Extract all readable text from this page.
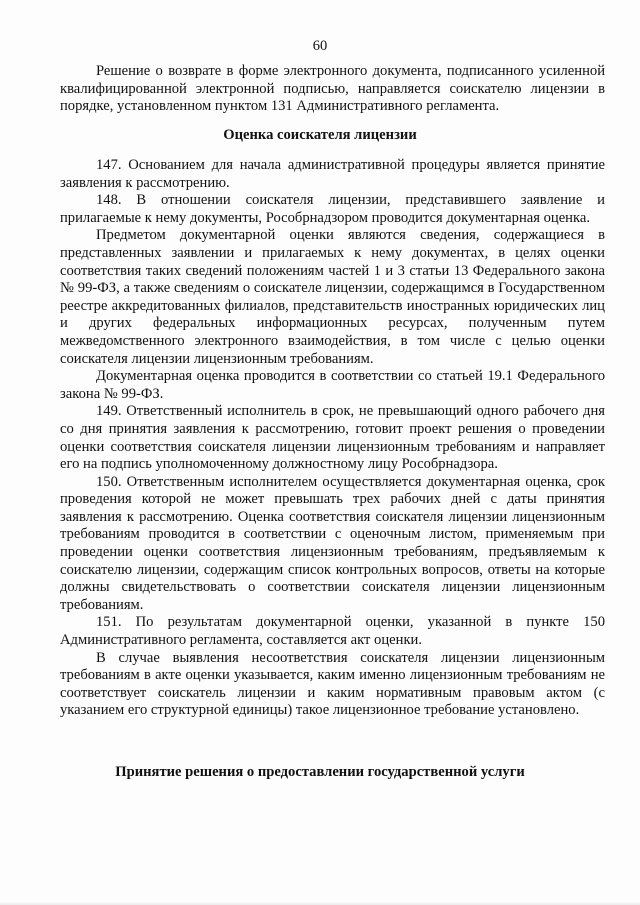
60

Решение о возврате в форме электронного документа, подписанного усиленной квалифицированной электронной подписью, направляется соискателю лицензии в порядке, установленном пунктом 131 Административного регламента.

Оценка соискателя лицензии

147. Основанием для начала административной процедуры является принятие заявления к рассмотрению.

148. В отношении соискателя лицензии, представившего заявление и прилагаемые к нему документы, Рособрнадзором проводится документарная оценка.

Предметом документарной оценки являются сведения, содержащиеся в представленных заявлении и прилагаемых к нему документах, в целях оценки соответствия таких сведений положениям частей 1 и 3 статьи 13 Федерального закона № 99-ФЗ, а также сведениям о соискателе лицензии, содержащимся в Государственном реестре аккредитованных филиалов, представительств иностранных юридических лиц и других федеральных информационных ресурсах, полученным путем межведомственного электронного взаимодействия, в том числе с целью оценки соискателя лицензии лицензионным требованиям.

Документарная оценка проводится в соответствии со статьей 19.1 Федерального закона № 99-ФЗ.

149. Ответственный исполнитель в срок, не превышающий одного рабочего дня со дня принятия заявления к рассмотрению, готовит проект решения о проведении оценки соответствия соискателя лицензии лицензионным требованиям и направляет его на подпись уполномоченному должностному лицу Рособрнадзора.

150. Ответственным исполнителем осуществляется документарная оценка, срок проведения которой не может превышать трех рабочих дней с даты принятия заявления к рассмотрению. Оценка соответствия соискателя лицензии лицензионным требованиям проводится в соответствии с оценочным листом, применяемым при проведении оценки соответствия лицензионным требованиям, предъявляемым к соискателю лицензии, содержащим список контрольных вопросов, ответы на которые должны свидетельствовать о соответствии соискателя лицензии лицензионным требованиям.

151. По результатам документарной оценки, указанной в пункте 150 Административного регламента, составляется акт оценки.

В случае выявления несоответствия соискателя лицензии лицензионным требованиям в акте оценки указывается, каким именно лицензионным требованиям не соответствует соискатель лицензии и каким нормативным правовым актом (с указанием его структурной единицы) такое лицензионное требование установлено.

Принятие решения о предоставлении государственной услуги
